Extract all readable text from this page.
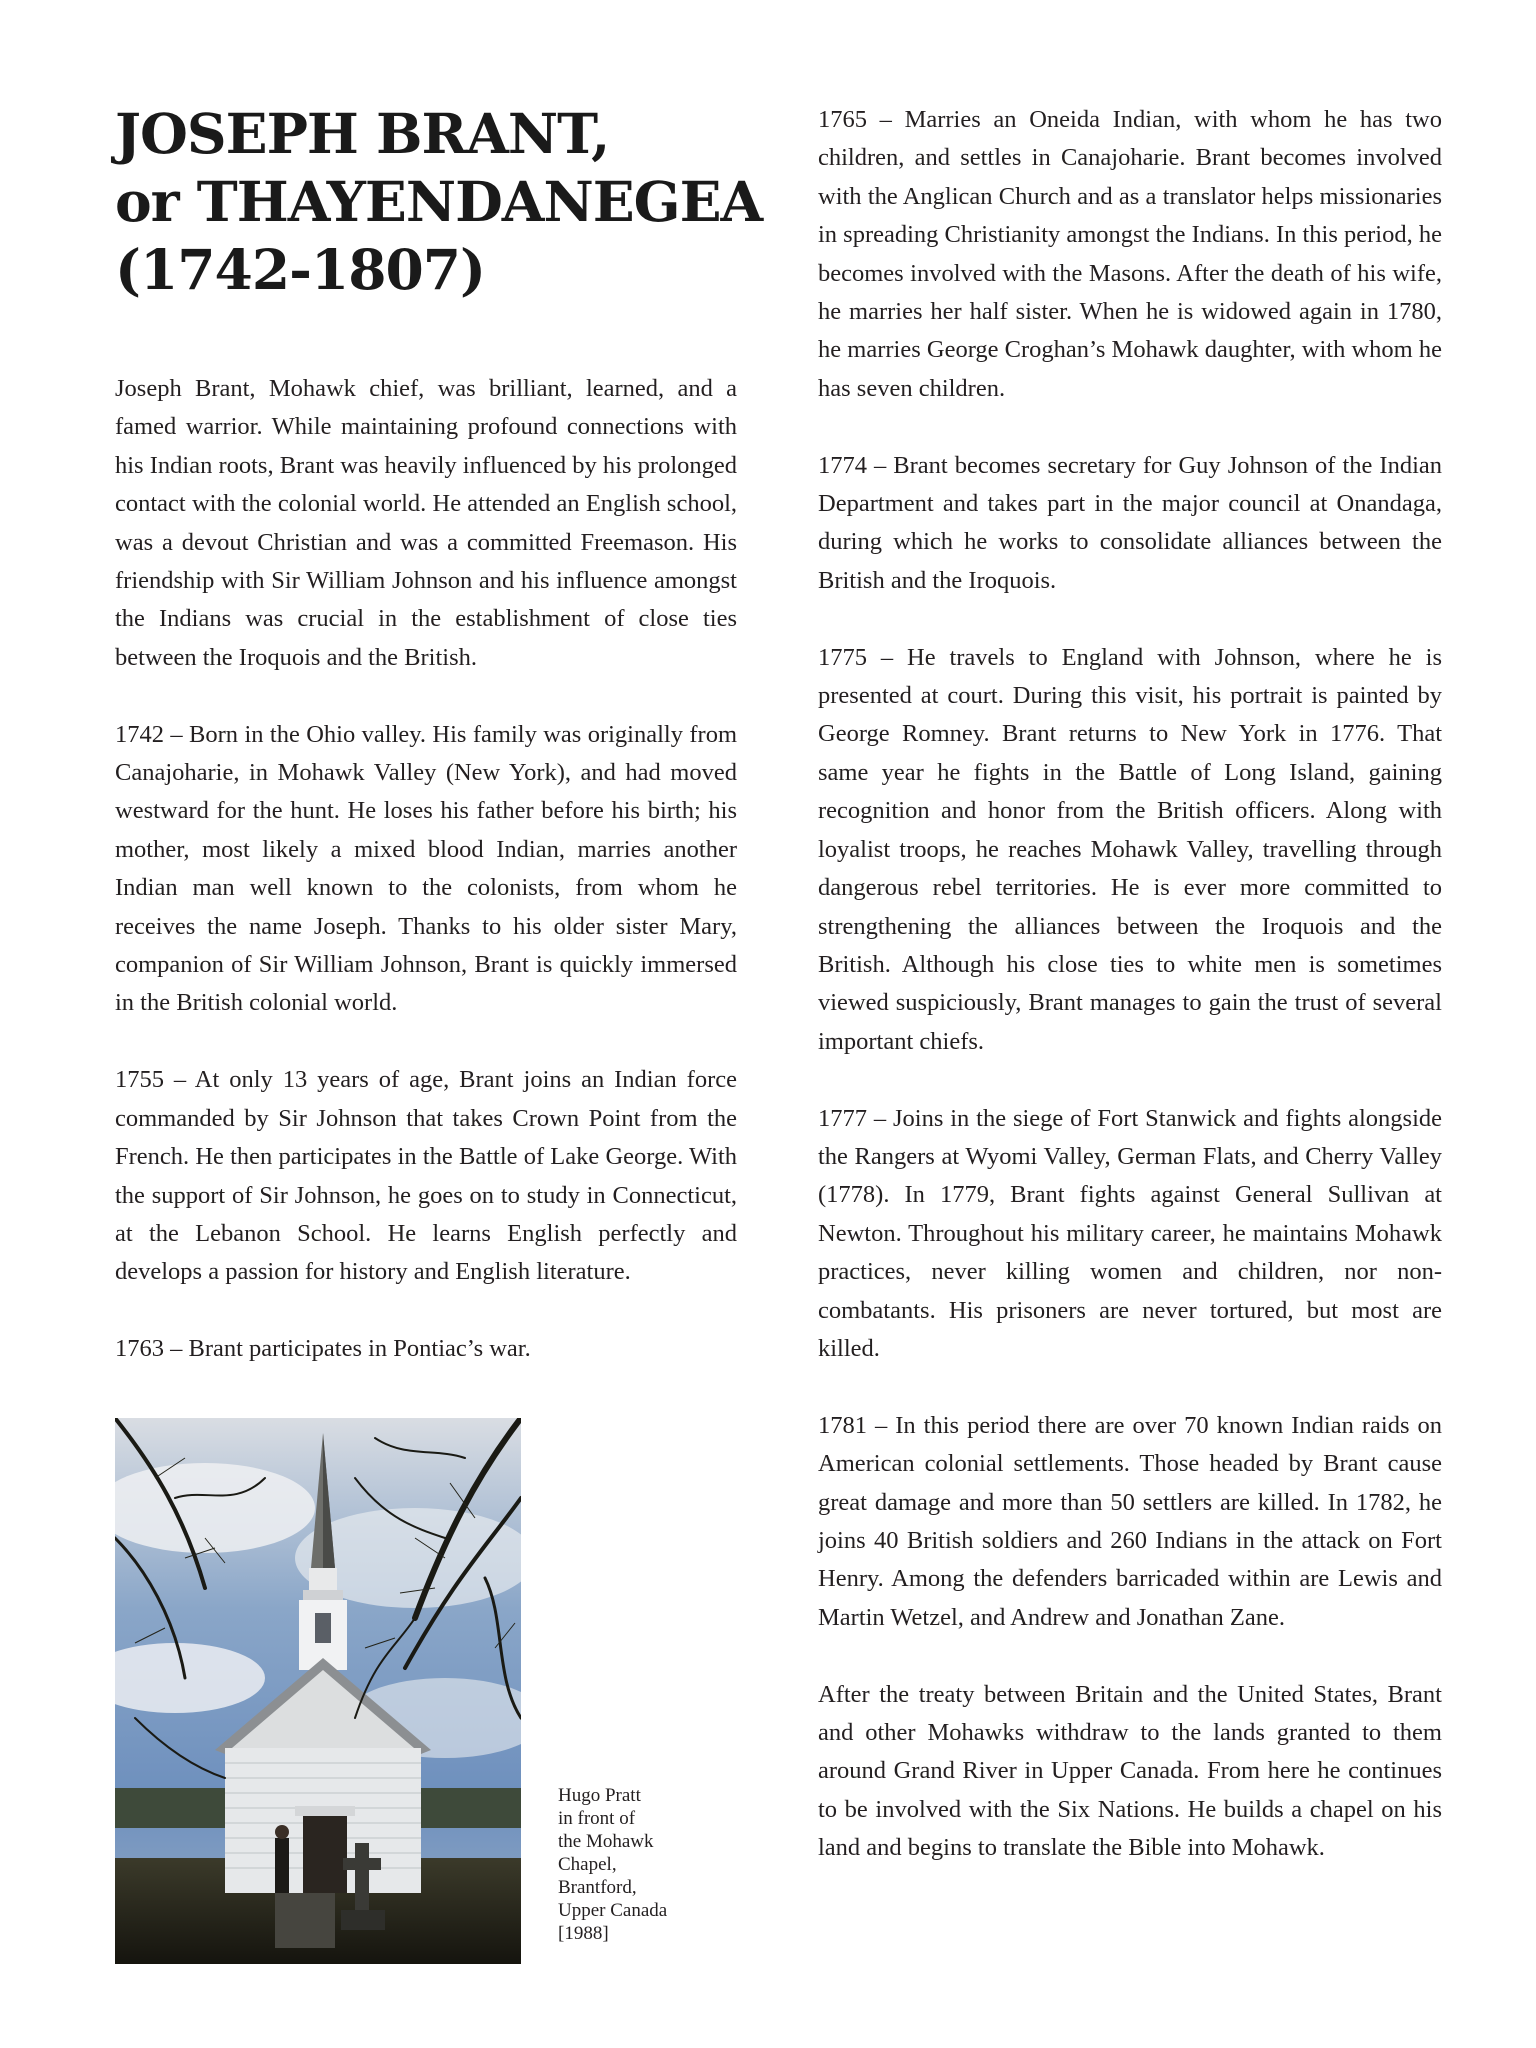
JOSEPH BRANT,
or THAYENDANEGEA
(1742-1807)

Joseph Brant, Mohawk chief, was brilliant, learned, and a famed warrior. While maintaining profound connections with his Indian roots, Brant was heavily influenced by his prolonged contact with the colonial world. He attended an English school, was a devout Christian and was a committed Freemason. His friendship with Sir William Johnson and his influence amongst the Indians was crucial in the establishment of close ties between the Iroquois and the British.

1742 – Born in the Ohio valley. His family was originally from Canajoharie, in Mohawk Valley (New York), and had moved westward for the hunt. He loses his father before his birth; his mother, most likely a mixed blood Indian, marries another Indian man well known to the colonists, from whom he receives the name Joseph. Thanks to his older sister Mary, companion of Sir William Johnson, Brant is quickly immersed in the British colonial world.

1755 – At only 13 years of age, Brant joins an Indian force commanded by Sir Johnson that takes Crown Point from the French. He then participates in the Battle of Lake George. With the support of Sir Johnson, he goes on to study in Connecticut, at the Lebanon School. He learns English perfectly and develops a passion for history and English literature.

1763 – Brant participates in Pontiac’s war.

1765 – Marries an Oneida Indian, with whom he has two children, and settles in Canajoharie. Brant becomes involved with the Anglican Church and as a translator helps missionaries in spreading Christianity amongst the Indians. In this period, he becomes involved with the Masons. After the death of his wife, he marries her half sister. When he is widowed again in 1780, he marries George Croghan’s Mohawk daughter, with whom he has seven children.

1774 – Brant becomes secretary for Guy Johnson of the Indian Department and takes part in the major council at Onandaga, during which he works to consolidate alliances between the British and the Iroquois.

1775 – He travels to England with Johnson, where he is presented at court. During this visit, his portrait is painted by George Romney. Brant returns to New York in 1776. That same year he fights in the Battle of Long Island, gaining recognition and honor from the British officers. Along with loyalist troops, he reaches Mohawk Valley, travelling through dangerous rebel territories. He is ever more committed to strengthening the alliances between the Iroquois and the British. Although his close ties to white men is sometimes viewed suspiciously, Brant manages to gain the trust of several important chiefs.

1777 – Joins in the siege of Fort Stanwick and fights alongside the Rangers at Wyomi Valley, German Flats, and Cherry Valley (1778). In 1779, Brant fights against General Sullivan at Newton. Throughout his military career, he maintains Mohawk practices, never killing women and children, nor non-combatants. His prisoners are never tortured, but most are killed.

1781 – In this period there are over 70 known Indian raids on American colonial settlements. Those headed by Brant cause great damage and more than 50 settlers are killed. In 1782, he joins 40 British soldiers and 260 Indians in the attack on Fort Henry. Among the defenders barricaded within are Lewis and Martin Wetzel, and Andrew and Jonathan Zane.

After the treaty between Britain and the United States, Brant and other Mohawks withdraw to the lands granted to them around Grand River in Upper Canada. From here he continues to be involved with the Six Nations. He builds a chapel on his land and begins to translate the Bible into Mohawk.

Hugo Pratt
in front of
the Mohawk
Chapel,
Brantford,
Upper Canada
[1988]
